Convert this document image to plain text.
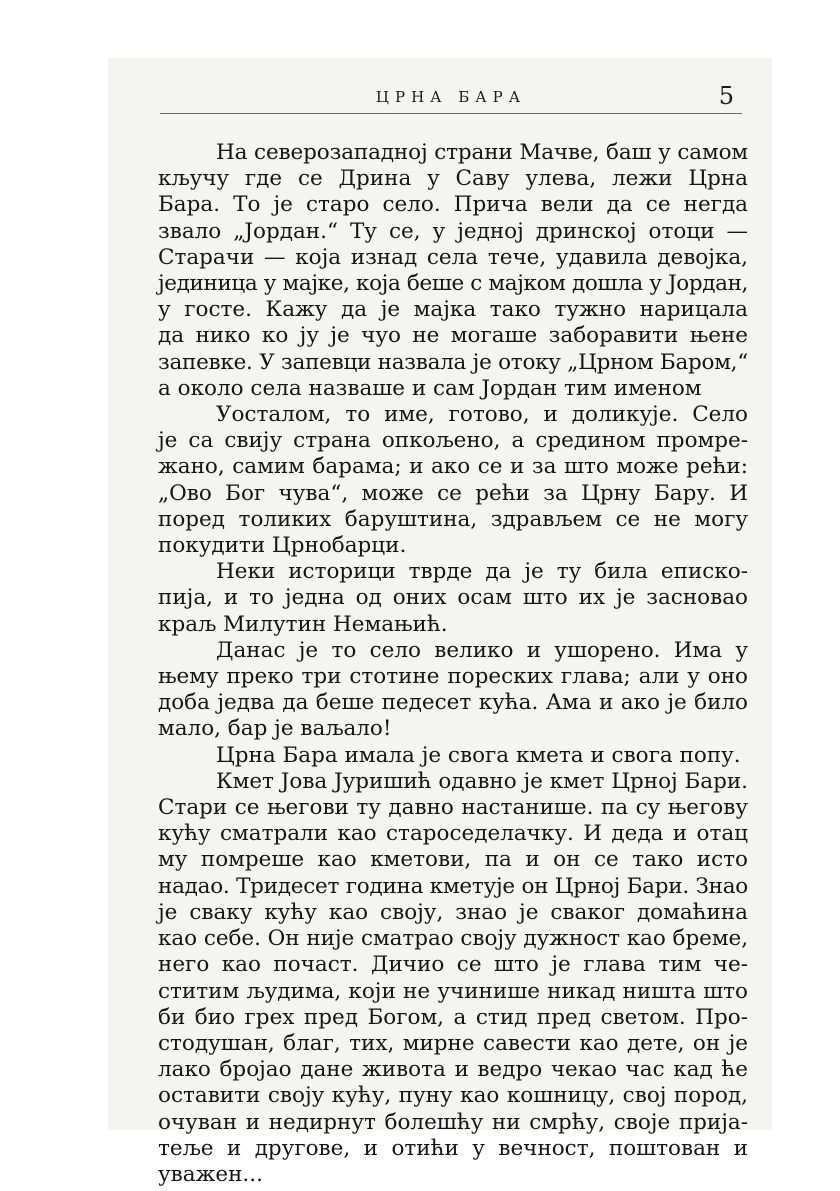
ЦРНА БАРА	5
На северозападној страни Мачве, баш у самом
кључу где се Дрина у Саву улева, лежи Црна
Бара. То је старо село. Прича вели да се негда
звало „Јордан.“ Ту се, у једној дринској отоци —
Старачи — која изнад села тече, удавила девојка,
јединица у мајке, која беше с мајком дошла у Јордан,
у госте. Кажу да је мајка тако тужно нарицала
да нико ко ју је чуо не могаше заборавити њене
запевке. У запевци назвала је отоку „Црном Баром,“
а около села назваше и сам Јордан тим именом
Уосталом, то име, готово, и доликује. Село
је са свију страна опкољено, а средином промре-
жано, самим барама; и ако се и за што може рећи:
„Ово Бог чува“, може се рећи за Црну Бару. И
поред толиких баруштина, здрављем се не могу
покудити Црнобарци.
Неки историци тврде да је ту била еписко-
пија, и то једна од оних осам што их је засновао
краљ Милутин Немањић.
Данас је то село велико и ушорено. Има у
њему преко три стотине пореских глава; али у оно
доба једва да беше педесет кућа. Ама и ако је било
мало, бар је ваљало!
Црна Бара имала је свога кмета и свога попу.
Кмет Јова Јуришић одавно је кмет Црној Бари.
Стари се његови ту давно настанише. па су његову
кућу сматрали као староседелачку. И деда и отац
му помреше као кметови, па и он се тако исто
надао. Тридесет година кметује он Црној Бари. Знао
је сваку кућу као своју, знао је сваког домаћина
као себе. Он није сматрао своју дужност као бреме,
него као почаст. Дичио се што је глава тим че-
ститим људима, који не учинише никад ништа што
би био грех пред Богом, а стид пред светом. Про-
стодушан, благ, тих, мирне савести као дете, он је
лако бројао дане живота и ведро чекао час кад ће
оставити своју кућу, пуну као кошницу, свој пород,
очуван и недирнут болешћу ни смрћу, своје прија-
теље и другове, и отићи у вечност, поштован и
уважен...
